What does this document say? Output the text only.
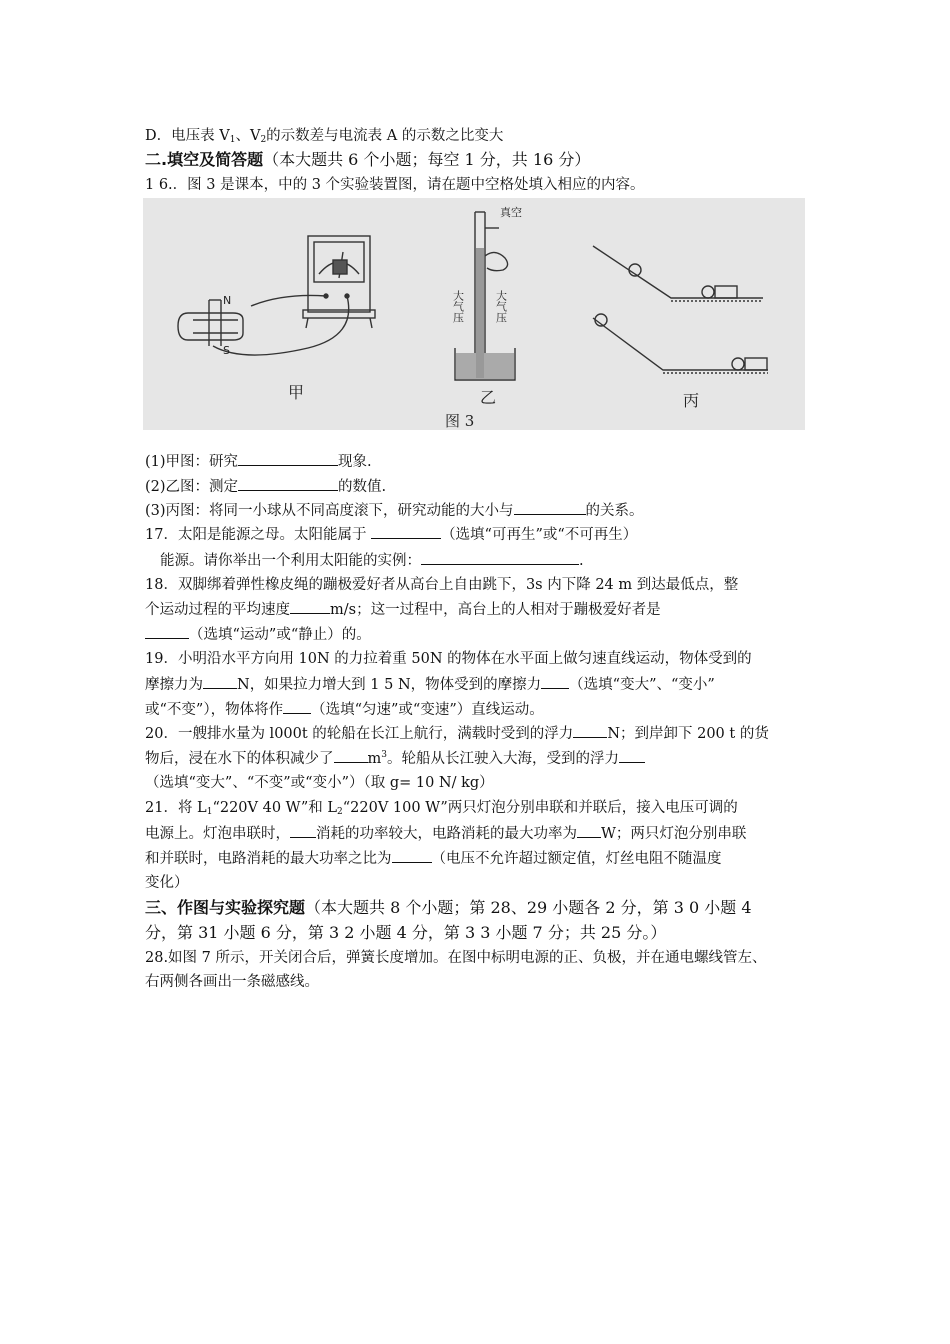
D．电压表 $V_1$、$V_2$的示数差与电流表 A 的示数之比变大
二.填空及简答题（本大题共 6 个小题；每空 1 分，共 16 分）
1 6.．图 3 是课本，中的 3 个实验装置图，请在题中空格处填入相应的内容。
N
S
甲
真空
大气压	大气压
乙
图 3
丙
(1)甲图：研究	现象.
(2)乙图：测定	的数值.
(3)丙图：将同一小球从不同高度滚下，研究动能的大小与	的关系。
17．太阳是能源之母。太阳能属于	（选填“可再生”或“不可再生）
能源。请你举出一个利用太阳能的实例：	.
18．双脚绑着弹性橡皮绳的蹦极爱好者从高台上自由跳下，3s 内下降 24 m 到达最低点，整
个运动过程的平均速度	m/s；这一过程中，高台上的人相对于蹦极爱好者是
（选填“运动”或“静止）的。
19．小明沿水平方向用 10N 的力拉着重 50N 的物体在水平面上做匀速直线运动，物体受到的
摩擦力为 N，如果拉力增大到 1 5 N，物体受到的摩擦力 （选填“变大”、“变小”
或“不变”），物体将作 （选填“匀速”或“变速”）直线运动。
20．一艘排水量为 l000t 的轮船在长江上航行，满载时受到的浮力 N；到岸卸下 200 t 的货
物后，浸在水下的体积减少了 $m^3$。轮船从长江驶入大海，受到的浮力
（选填“变大”、“不变”或“变小”）（取 g= 10 N/ kg）
21．将 $L_1“220V$ 40 W”和 $L_2“220V$ 100 W”两只灯泡分别串联和并联后，接入电压可调的
电源上。灯泡串联时， 消耗的功率较大，电路消耗的最大功率为 W；两只灯泡分别串联
和并联时，电路消耗的最大功率之比为	（电压不允许超过额定值，灯丝电阻不随温度
变化）
三、作图与实验探究题（本大题共 8 个小题；第 28、29 小题各 2 分，第 3 0 小题 4
分，第 31 小题 6 分，第 3 2 小题 4 分，第 3 3 小题 7 分；共 25 分。）
28.如图 7 所示，开关闭合后，弹簧长度增加。在图中标明电源的正、负极，并在通电螺线管左、
右两侧各画出一条磁感线。
